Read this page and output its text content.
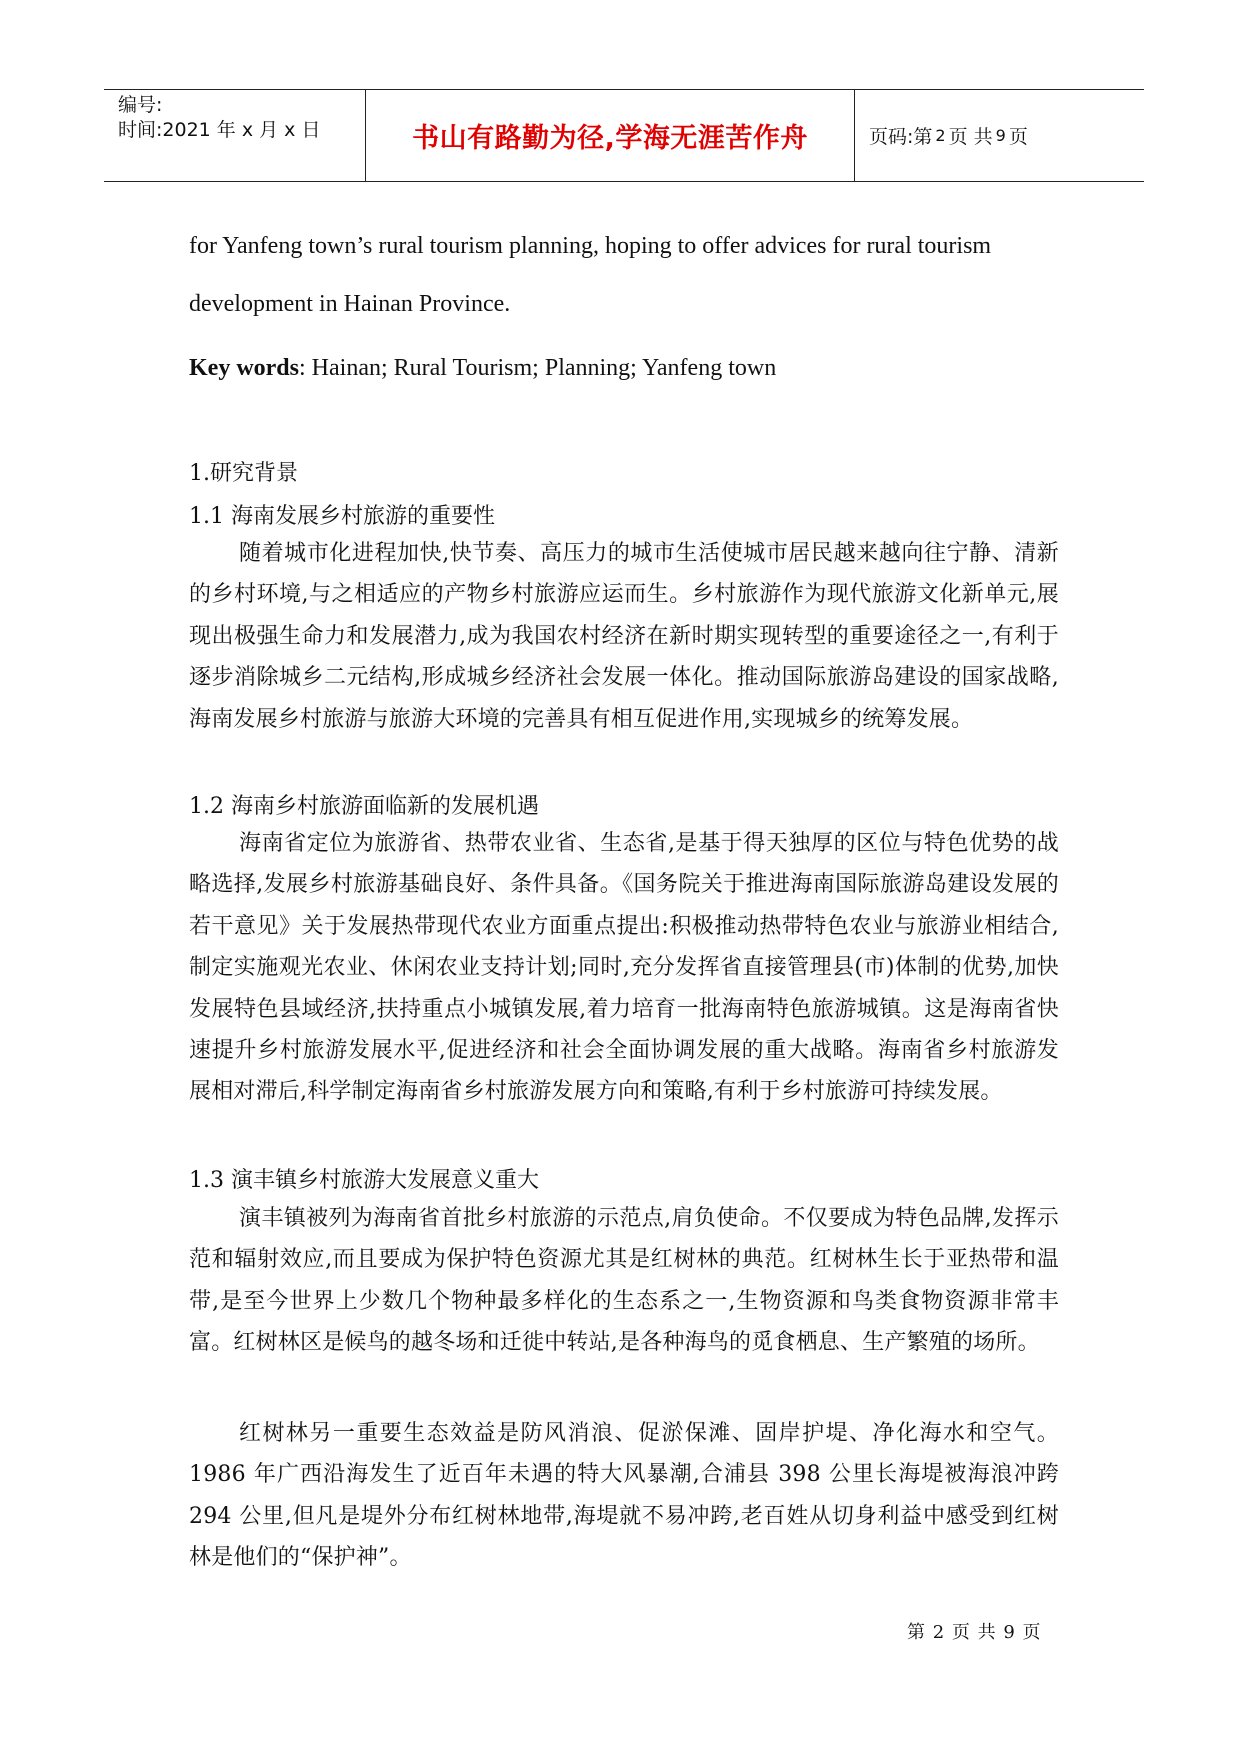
编号:
时间:2021 年 x 月 x 日	书山有路勤为径,学海无涯苦作舟	页码:第 2 页 共 9 页
for Yanfeng town’s rural tourism planning, hoping to offer advices for rural tourism
development in Hainan Province.
Key words: Hainan; Rural Tourism; Planning; Yanfeng town
1.研究背景
1.1 海南发展乡村旅游的重要性
随着城市化进程加快,快节奏、高压力的城市生活使城市居民越来越向往宁静、清新的乡村环境,与之相适应的产物乡村旅游应运而生。乡村旅游作为现代旅游文化新单元,展现出极强生命力和发展潜力,成为我国农村经济在新时期实现转型的重要途径之一,有利于逐步消除城乡二元结构,形成城乡经济社会发展一体化。推动国际旅游岛建设的国家战略,海南发展乡村旅游与旅游大环境的完善具有相互促进作用,实现城乡的统筹发展。
1.2 海南乡村旅游面临新的发展机遇
海南省定位为旅游省、热带农业省、生态省,是基于得天独厚的区位与特色优势的战略选择,发展乡村旅游基础良好、条件具备。《国务院关于推进海南国际旅游岛建设发展的若干意见》关于发展热带现代农业方面重点提出:积极推动热带特色农业与旅游业相结合,制定实施观光农业、休闲农业支持计划;同时,充分发挥省直接管理县(市)体制的优势,加快发展特色县域经济,扶持重点小城镇发展,着力培育一批海南特色旅游城镇。这是海南省快速提升乡村旅游发展水平,促进经济和社会全面协调发展的重大战略。海南省乡村旅游发展相对滞后,科学制定海南省乡村旅游发展方向和策略,有利于乡村旅游可持续发展。
1.3 演丰镇乡村旅游大发展意义重大
演丰镇被列为海南省首批乡村旅游的示范点,肩负使命。不仅要成为特色品牌,发挥示范和辐射效应,而且要成为保护特色资源尤其是红树林的典范。红树林生长于亚热带和温带,是至今世界上少数几个物种最多样化的生态系之一,生物资源和鸟类食物资源非常丰富。红树林区是候鸟的越冬场和迁徙中转站,是各种海鸟的觅食栖息、生产繁殖的场所。
红树林另一重要生态效益是防风消浪、促淤保滩、固岸护堤、净化海水和空气。1986 年广西沿海发生了近百年未遇的特大风暴潮,合浦县 398 公里长海堤被海浪冲跨 294 公里,但凡是堤外分布红树林地带,海堤就不易冲跨,老百姓从切身利益中感受到红树林是他们的“保护神”。
第 2 页 共 9 页
